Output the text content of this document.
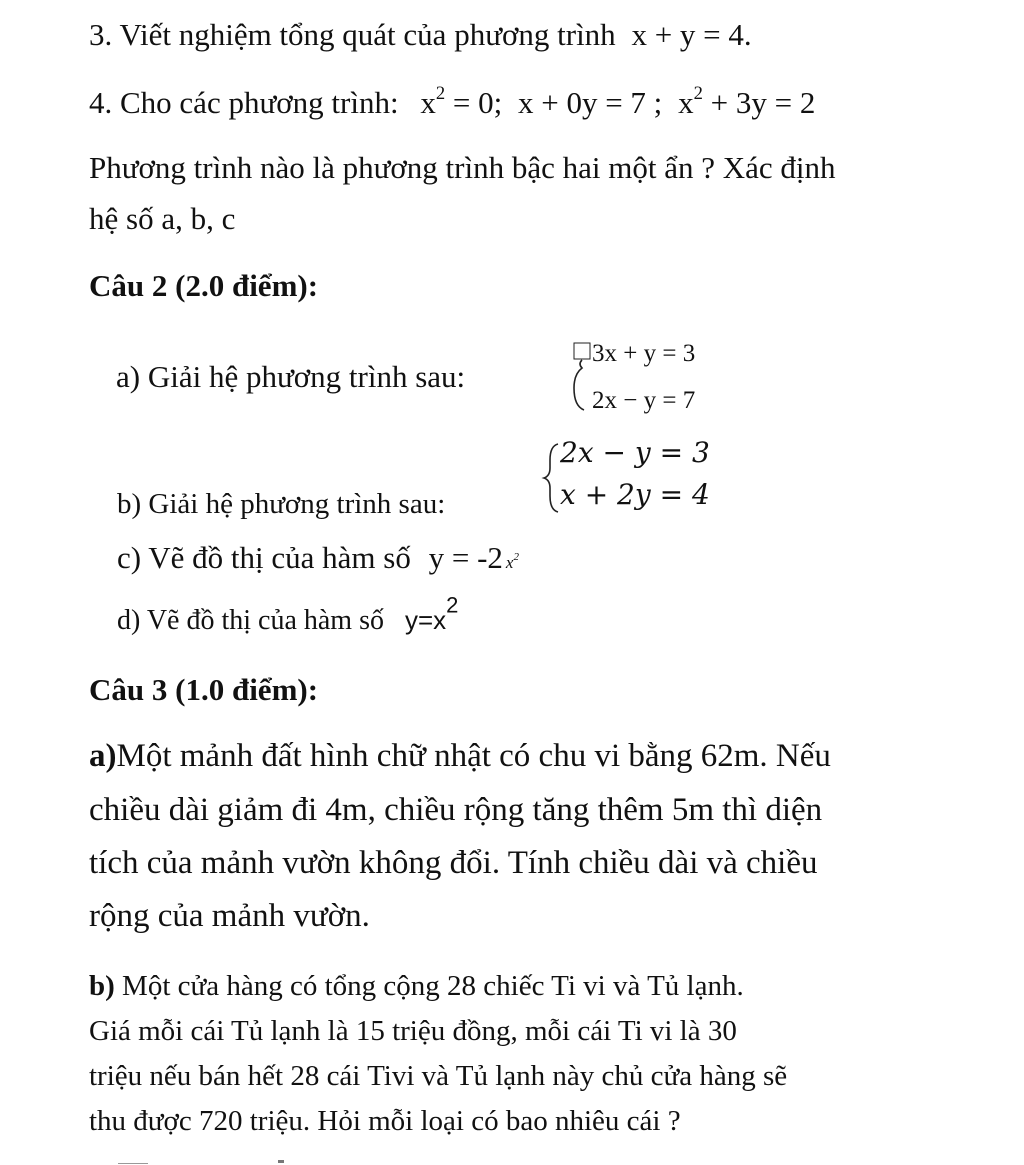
3. Viết nghiệm tổng quát của phương trình x + y = 4.
4. Cho các phương trình: $x^2 = 0$; x + 0y = 7 ; $x^2 + 3y = 2$
Phương trình nào là phương trình bậc hai một ẩn ? Xác định
hệ số a, b, c
Câu 2 (2.0 điểm):
a) Giải hệ phương trình sau:
3x + y = 3
2x − y = 7
b) Giải hệ phương trình sau:
2x − y = 3
x + 2y = 4
c) Vẽ đồ thị của hàm số y = -2 $x^2$
d) Vẽ đồ thị của hàm số $y=x^2$
Câu 3 (1.0 điểm):
a)Một mảnh đất hình chữ nhật có chu vi bằng 62m. Nếu
chiều dài giảm đi 4m, chiều rộng tăng thêm 5m thì diện
tích của mảnh vườn không đổi. Tính chiều dài và chiều
rộng của mảnh vườn.
b) Một cửa hàng có tổng cộng 28 chiếc Ti vi và Tủ lạnh.
Giá mỗi cái Tủ lạnh là 15 triệu đồng, mỗi cái Ti vi là 30
triệu nếu bán hết 28 cái Tivi và Tủ lạnh này chủ cửa hàng sẽ
thu được 720 triệu. Hỏi mỗi loại có bao nhiêu cái ?
